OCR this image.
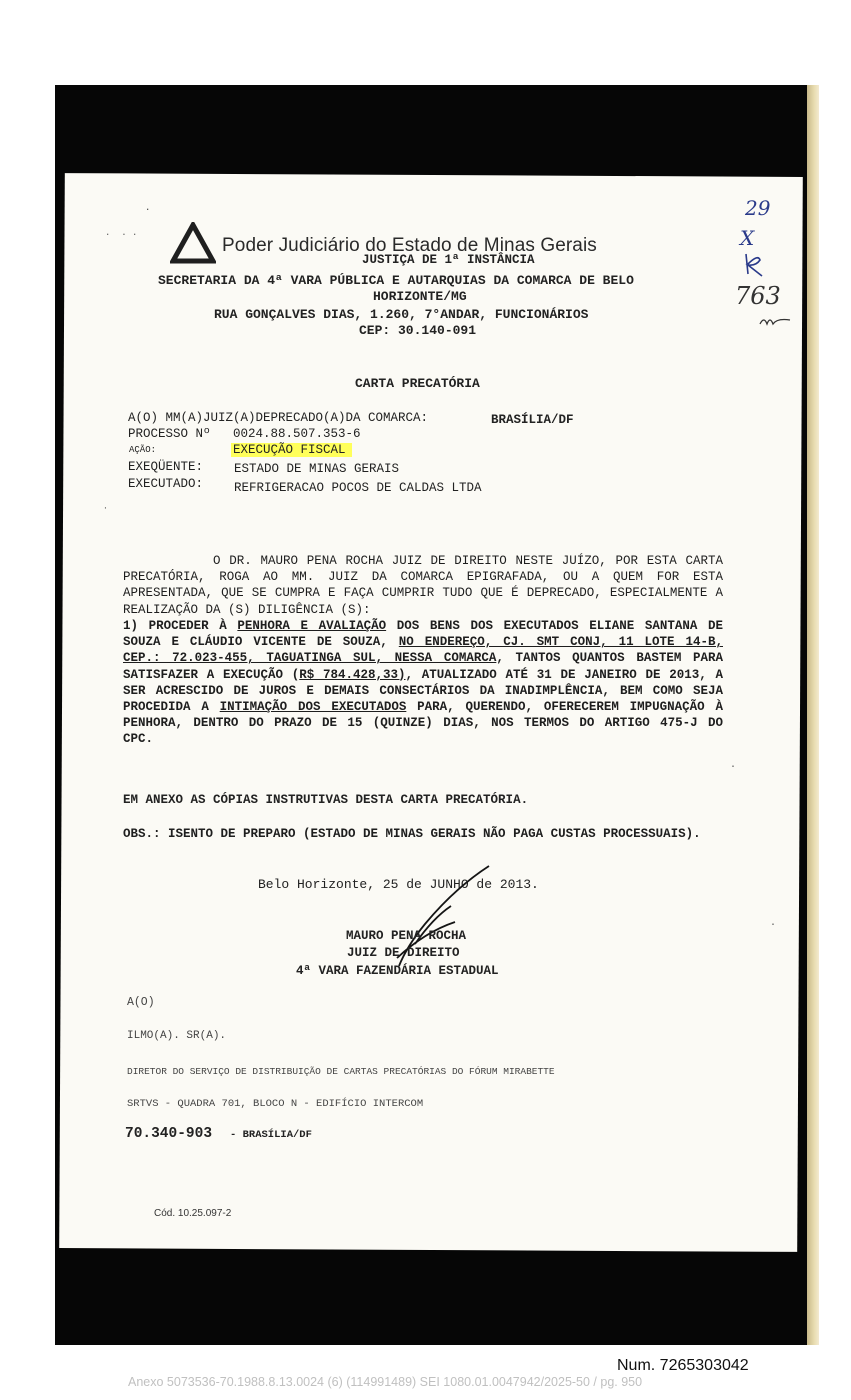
·  · ·
·
Poder Judiciário do Estado de Minas Gerais
JUSTIÇA DE 1ª INSTÂNCIA
SECRETARIA DA 4ª VARA PÚBLICA E AUTARQUIAS DA COMARCA DE BELO
HORIZONTE/MG
RUA GONÇALVES DIAS, 1.260, 7°ANDAR, FUNCIONÁRIOS
CEP: 30.140-091
29
X
763
CARTA PRECATÓRIA
A(O) MM(A)JUIZ(A)DEPRECADO(A)DA COMARCA:	BRASÍLIA/DF
PROCESSO Nº 0024.88.507.353-6
AÇÃO:	EXECUÇÃO FISCAL
EXEQÜENTE: ESTADO DE MINAS GERAIS
EXECUTADO: REFRIGERACAO POCOS DE CALDAS LTDA
·
O DR. MAURO PENA ROCHA JUIZ DE DIREITO NESTE JUÍZO, POR ESTA CARTA PRECATÓRIA, ROGA AO MM. JUIZ DA COMARCA EPIGRAFADA, OU A QUEM FOR ESTA APRESENTADA, QUE SE CUMPRA E FAÇA CUMPRIR TUDO QUE É DEPRECADO, ESPECIALMENTE A REALIZAÇÃO DA (S) DILIGÊNCIA (S):
1) PROCEDER À PENHORA E AVALIAÇÃO DOS BENS DOS EXECUTADOS ELIANE SANTANA DE SOUZA E CLÁUDIO VICENTE DE SOUZA, NO ENDEREÇO, CJ. SMT CONJ, 11 LOTE 14-B, CEP.: 72.023-455, TAGUATINGA SUL, NESSA COMARCA, TANTOS QUANTOS BASTEM PARA SATISFAZER A EXECUÇÃO (R$ 784.428,33), ATUALIZADO ATÉ 31 DE JANEIRO DE 2013, A SER ACRESCIDO DE JUROS E DEMAIS CONSECTÁRIOS DA INADIMPLÊNCIA, BEM COMO SEJA PROCEDIDA A INTIMAÇÃO DOS EXECUTADOS PARA, QUERENDO, OFERECEREM IMPUGNAÇÃO À PENHORA, DENTRO DO PRAZO DE 15 (QUINZE) DIAS, NOS TERMOS DO ARTIGO 475-J DO CPC.
EM ANEXO AS CÓPIAS INSTRUTIVAS DESTA CARTA PRECATÓRIA.
OBS.: ISENTO DE PREPARO (ESTADO DE MINAS GERAIS NÃO PAGA CUSTAS PROCESSUAIS).
Belo Horizonte, 25 de JUNHO de 2013.
MAURO PENA ROCHA
JUIZ DE DIREITO
4ª VARA FAZENDÁRIA ESTADUAL
·
·
A(O)
ILMO(A). SR(A).
DIRETOR DO SERVIÇO DE DISTRIBUIÇÃO DE CARTAS PRECATÓRIAS DO FÓRUM MIRABETTE
SRTVS - QUADRA 701, BLOCO N - EDIFÍCIO INTERCOM
70.340-903 - BRASÍLIA/DF
Cód. 10.25.097-2
Num. 7265303042
Anexo 5073536-70.1988.8.13.0024 (6) (114991489) SEI 1080.01.0047942/2025-50 / pg. 950
